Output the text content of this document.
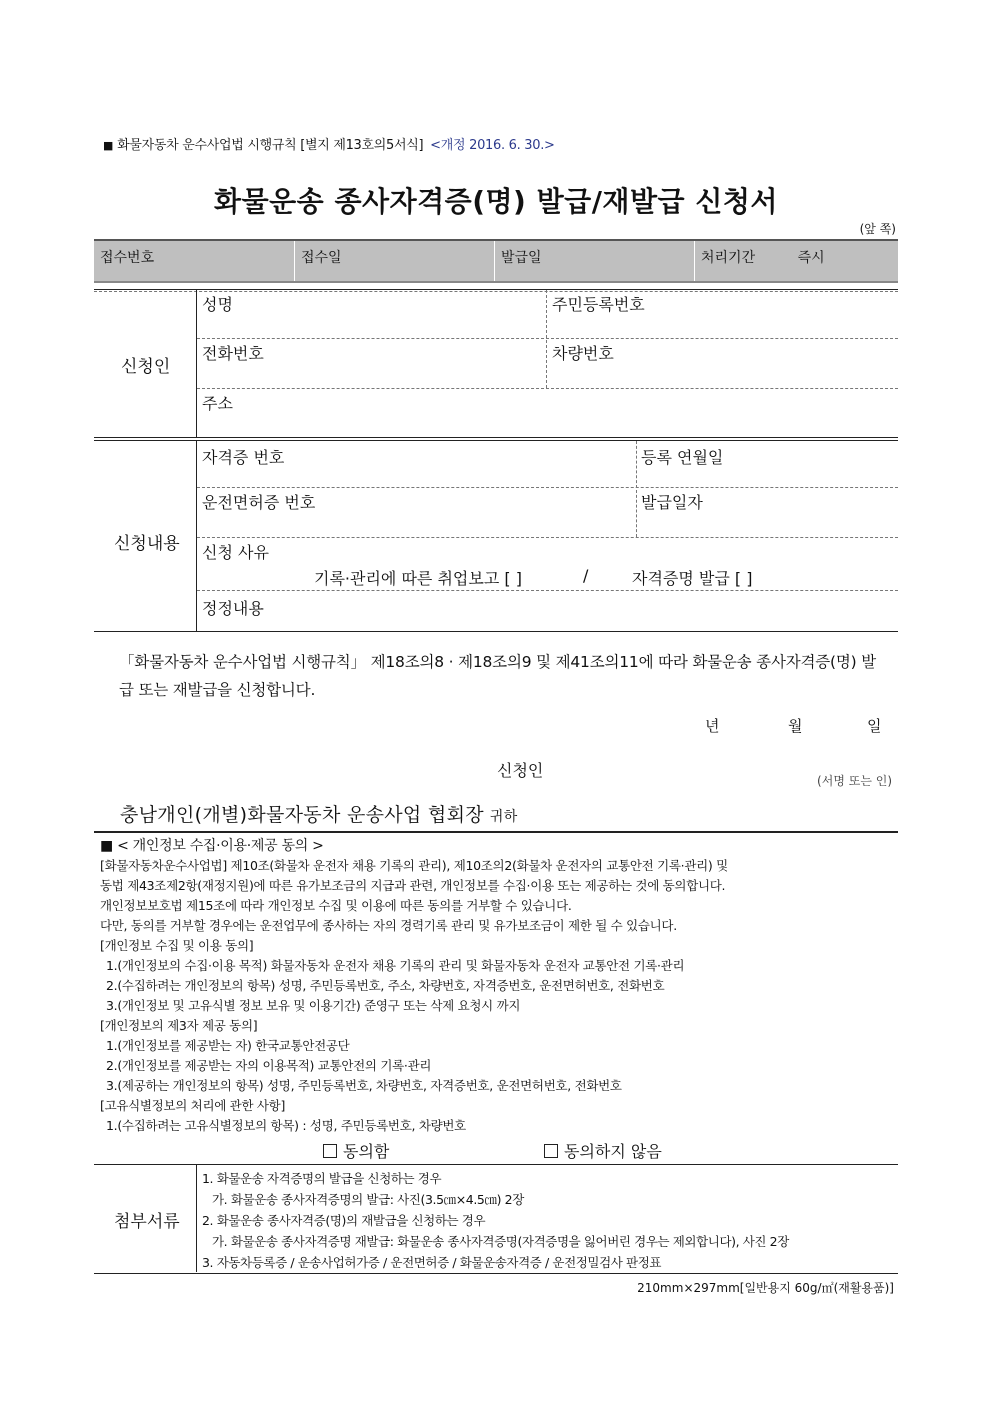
■ 화물자동차 운수사업법 시행규칙 [별지 제13호의5서식] <개정 2016. 6. 30.>
화물운송 종사자격증(명) 발급/재발급 신청서
(앞 쪽)
접수번호	접수일	발급일	처리기간	즉시
신청인
성명	주민등록번호
전화번호	차량번호
주소
신청내용
자격증 번호	등록 연월일
운전면허증 번호	발급일자
신청 사유
기록·관리에 따른 취업보고 [ ]	/	자격증명 발급 [ ]
정정내용
「화물자동차 운수사업법 시행규칙」 제18조의8 · 제18조의9 및 제41조의11에 따라 화물운송 종사자격증(명) 발급 또는 재발급을 신청합니다.
년	월	일
신청인
(서명 또는 인)
충남개인(개별)화물자동차 운송사업 협회장 귀하
■ < 개인정보 수집·이용·제공 동의 >
[화물자동차운수사업법] 제10조(화물차 운전자 채용 기록의 관리), 제10조의2(화물차 운전자의 교통안전 기록·관리) 및
동법 제43조제2항(재정지원)에 따른 유가보조금의 지급과 관련, 개인정보를 수집·이용 또는 제공하는 것에 동의합니다.
개인정보보호법 제15조에 따라 개인정보 수집 및 이용에 따른 동의를 거부할 수 있습니다.
다만, 동의를 거부할 경우에는 운전업무에 종사하는 자의 경력기록 관리 및 유가보조금이 제한 될 수 있습니다.
[개인정보 수집 및 이용 동의]
1.(개인정보의 수집·이용 목적) 화물자동차 운전자 채용 기록의 관리 및 화물자동차 운전자 교통안전 기록·관리
2.(수집하려는 개인정보의 항목) 성명, 주민등록번호, 주소, 차량번호, 자격증번호, 운전면허번호, 전화번호
3.(개인정보 및 고유식별 정보 보유 및 이용기간) 준영구 또는 삭제 요청시 까지
[개인정보의 제3자 제공 동의]
1.(개인정보를 제공받는 자) 한국교통안전공단
2.(개인정보를 제공받는 자의 이용목적) 교통안전의 기록·관리
3.(제공하는 개인정보의 항목) 성명, 주민등록번호, 차량번호, 자격증번호, 운전면허번호, 전화번호
[고유식별정보의 처리에 관한 사항]
1.(수집하려는 고유식별정보의 항목) : 성명, 주민등록번호, 차량번호
동의함	동의하지 않음
첨부서류
1. 화물운송 자격증명의 발급을 신청하는 경우
가. 화물운송 종사자격증명의 발급: 사진(3.5㎝×4.5㎝) 2장
2. 화물운송 종사자격증(명)의 재발급을 신청하는 경우
가. 화물운송 종사자격증명 재발급: 화물운송 종사자격증명(자격증명을 잃어버린 경우는 제외합니다), 사진 2장
3. 자동차등록증 / 운송사업허가증 / 운전면허증 / 화물운송자격증 / 운전정밀검사 판정표
210mm×297mm[일반용지 60g/㎡(재활용품)]
